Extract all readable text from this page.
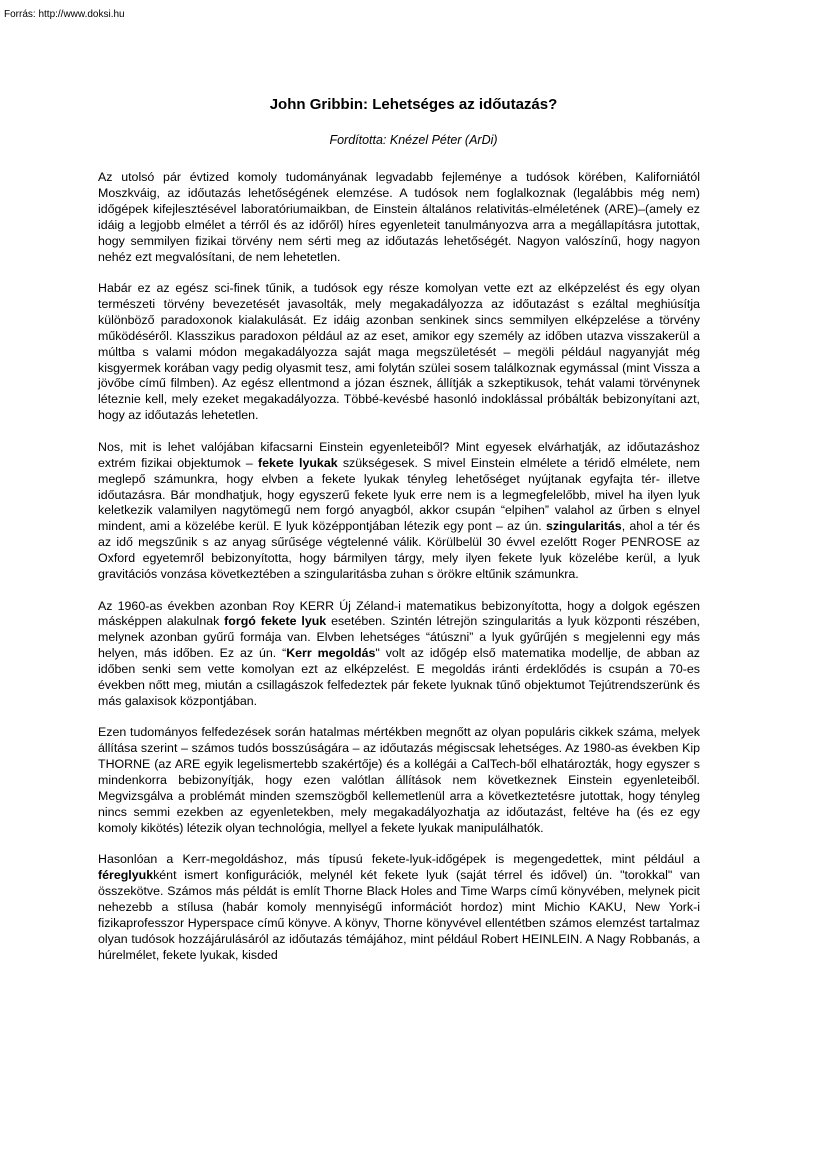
Forrás: http://www.doksi.hu
John Gribbin: Lehetséges az időutazás?
Fordította: Knézel Péter (ArDi)

Az utolsó pár évtized komoly tudományának legvadabb fejleménye a tudósok körében, Kaliforniától Moszkváig, az időutazás lehetőségének elemzése. A tudósok nem foglalkoznak (legalábbis még nem) időgépek kifejlesztésével laboratóriumaikban, de Einstein általános relativitás-elméletének (ARE)–(amely ez idáig a legjobb elmélet a térről és az időről) híres egyenleteit tanulmányozva arra a megállapításra jutottak, hogy semmilyen fizikai törvény nem sérti meg az időutazás lehetőségét. Nagyon valószínű, hogy nagyon nehéz ezt megvalósítani, de nem lehetetlen.

Habár ez az egész sci-finek tűnik, a tudósok egy része komolyan vette ezt az elképzelést és egy olyan természeti törvény bevezetését javasolták, mely megakadályozza az időutazást s ezáltal meghiúsítja különböző paradoxonok kialakulását. Ez idáig azonban senkinek sincs semmilyen elképzelése a törvény működéséről. Klasszikus paradoxon például az az eset, amikor egy személy az időben utazva visszakerül a múltba s valami módon megakadályozza saját maga megszületését – megöli például nagyanyját még kisgyermek korában vagy pedig olyasmit tesz, ami folytán szülei sosem találkoznak egymással (mint Vissza a jövőbe című filmben). Az egész ellentmond a józan észnek, állítják a szkeptikusok, tehát valami törvénynek léteznie kell, mely ezeket megakadályozza. Többé-kevésbé hasonló indoklással próbálták bebizonyítani azt, hogy az időutazás lehetetlen.

Nos, mit is lehet valójában kifacsarni Einstein egyenleteiből? Mint egyesek elvárhatják, az időutazáshoz extrém fizikai objektumok – fekete lyukak szükségesek. S mivel Einstein elmélete a téridő elmélete, nem meglepő számunkra, hogy elvben a fekete lyukak tényleg lehetőséget nyújtanak egyfajta tér- illetve időutazásra. Bár mondhatjuk, hogy egyszerű fekete lyuk erre nem is a legmegfelelőbb, mivel ha ilyen lyuk keletkezik valamilyen nagytömegű nem forgó anyagból, akkor csupán “elpihen” valahol az űrben s elnyel mindent, ami a közelébe kerül. E lyuk középpontjában létezik egy pont – az ún. szingularitás, ahol a tér és az idő megszűnik s az anyag sűrűsége végtelenné válik. Körülbelül 30 évvel ezelőtt Roger PENROSE az Oxford egyetemről bebizonyította, hogy bármilyen tárgy, mely ilyen fekete lyuk közelébe kerül, a lyuk gravitációs vonzása következtében a szingularitásba zuhan s örökre eltűnik számunkra.

Az 1960-as években azonban Roy KERR Új Zéland-i matematikus bebizonyította, hogy a dolgok egészen másképpen alakulnak forgó fekete lyuk esetében. Szintén létrejön szingularitás a lyuk központi részében, melynek azonban gyűrű formája van. Elvben lehetséges “átúszni” a lyuk gyűrűjén s megjelenni egy más helyen, más időben. Ez az ún. “Kerr megoldás" volt az időgép első matematika modellje, de abban az időben senki sem vette komolyan ezt az elképzelést. E megoldás iránti érdeklődés is csupán a 70-es években nőtt meg, miután a csillagászok felfedeztek pár fekete lyuknak tűnő objektumot Tejútrendszerünk és más galaxisok központjában.

Ezen tudományos felfedezések során hatalmas mértékben megnőtt az olyan populáris cikkek száma, melyek állítása szerint – számos tudós bosszúságára – az időutazás mégiscsak lehetséges. Az 1980-as években Kip THORNE (az ARE egyik legelismertebb szakértője) és a kollégái a CalTech-ből elhatározták, hogy egyszer s mindenkorra bebizonyítják, hogy ezen valótlan állítások nem következnek Einstein egyenleteiből. Megvizsgálva a problémát minden szemszögből kellemetlenül arra a következtetésre jutottak, hogy tényleg nincs semmi ezekben az egyenletekben, mely megakadályozhatja az időutazást, feltéve ha (és ez egy komoly kikötés) létezik olyan technológia, mellyel a fekete lyukak manipulálhatók.

Hasonlóan a Kerr-megoldáshoz, más típusú fekete-lyuk-időgépek is megengedettek, mint például a féreglyukként ismert konfigurációk, melynél két fekete lyuk (saját térrel és idővel) ún. "torokkal" van összekötve. Számos más példát is említ Thorne Black Holes and Time Warps című könyvében, melynek picit nehezebb a stílusa (habár komoly mennyiségű információt hordoz) mint Michio KAKU, New York-i fizikaprofesszor Hyperspace című könyve. A könyv, Thorne könyvével ellentétben számos elemzést tartalmaz olyan tudósok hozzájárulásáról az időutazás témájához, mint például Robert HEINLEIN. A Nagy Robbanás, a húrelmélet, fekete lyukak, kisded
